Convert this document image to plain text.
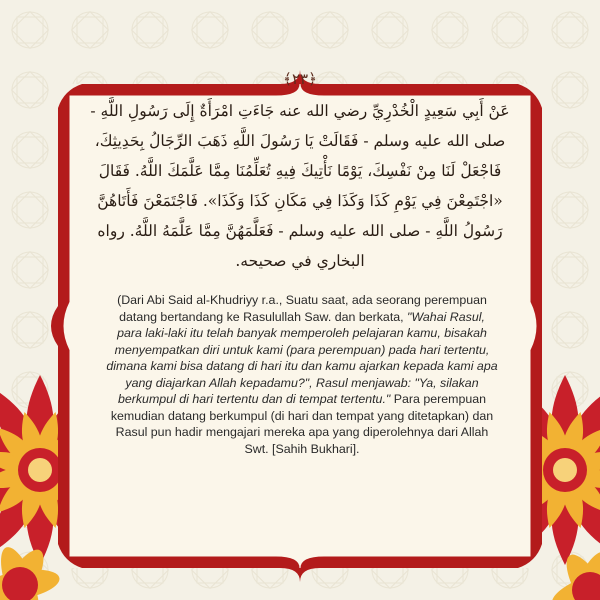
﴿٢٣﴾
عَنْ أَبِي سَعِيدٍ الْخُدْرِيِّ رضي الله عنه جَاءَتِ امْرَأَةٌ إِلَى رَسُولِ اللَّهِ - صلى الله عليه وسلم - فَقَالَتْ يَا رَسُولَ اللَّهِ ذَهَبَ الرِّجَالُ بِحَدِيثِكَ، فَاجْعَلْ لَنَا مِنْ نَفْسِكَ، يَوْمًا نَأْتِيكَ فِيهِ تُعَلِّمُنَا مِمَّا عَلَّمَكَ اللَّهُ. فَقَالَ «اجْتَمِعْنَ فِي يَوْمِ كَذَا وَكَذَا فِي مَكَانِ كَذَا وَكَذَا». فَاجْتَمَعْنَ فَأَتَاهُنَّ رَسُولُ اللَّهِ - صلى الله عليه وسلم - فَعَلَّمَهُنَّ مِمَّا عَلَّمَهُ اللَّهُ. رواه البخاري في صحيحه.
(Dari Abi Said al-Khudriyy r.a., Suatu saat, ada seorang perempuan datang bertandang ke Rasulullah Saw. dan berkata, "Wahai Rasul, para laki-laki itu telah banyak memperoleh pelajaran kamu, bisakah menyempatkan diri untuk kami (para perempuan) pada hari tertentu, dimana kami bisa datang di hari itu dan kamu ajarkan kepada kami apa yang diajarkan Allah kepadamu?", Rasul menjawab: "Ya, silakan berkumpul di hari tertentu dan di tempat tertentu." Para perempuan kemudian datang berkumpul (di hari dan tempat yang ditetapkan) dan Rasul pun hadir mengajari mereka apa yang diperolehnya dari Allah Swt. [Sahih Bukhari].
